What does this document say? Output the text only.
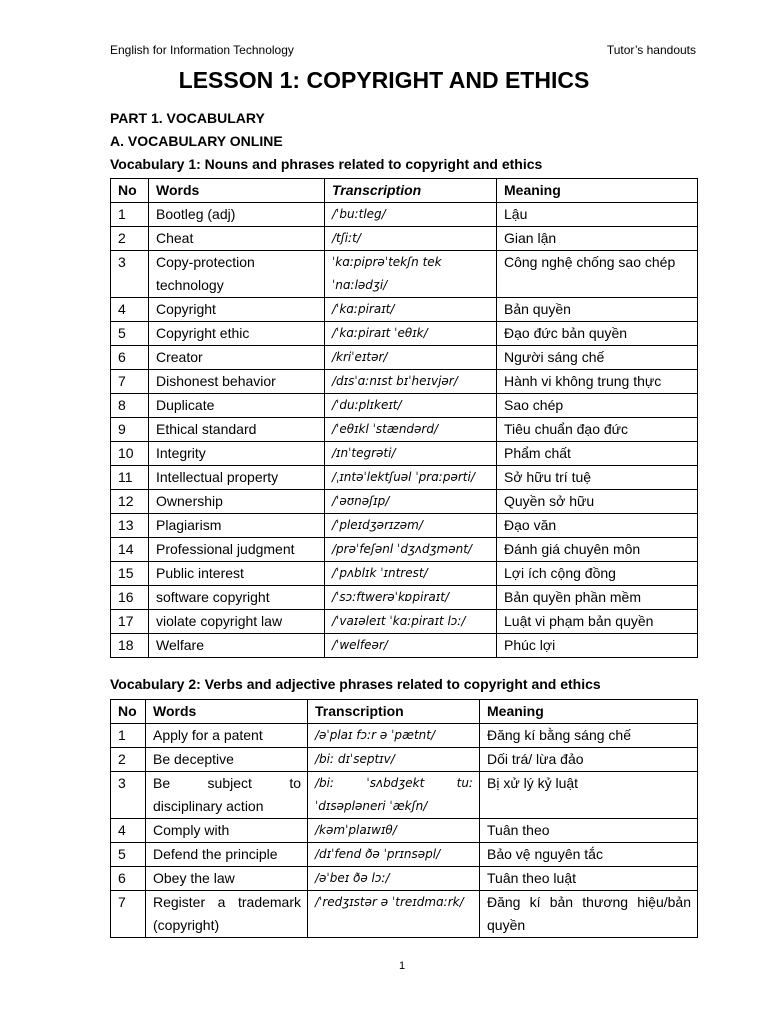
English for Information Technology	Tutor’s handouts
LESSON 1: COPYRIGHT AND ETHICS
PART 1. VOCABULARY
A. VOCABULARY ONLINE
Vocabulary 1: Nouns and phrases related to copyright and ethics
No	Words	Transcription	Meaning
1	Bootleg (adj)	/ˈbuːtleg/	Lậu
2	Cheat	/tʃiːt/	Gian lận
3	Copy-protection technology	ˈkɑːpiprəˈtekʃn tekˈnɑːlədʒi/	Công nghệ chống sao chép
4	Copyright	/ˈkɑːpiraɪt/	Bản quyền
5	Copyright ethic	/ˈkɑːpiraɪt ˈeθɪk/	Đạo đức bản quyền
6	Creator	/kriˈeɪtər/	Người sáng chế
7	Dishonest behavior	/dɪsˈɑːnɪst bɪˈheɪvjər/	Hành vi không trung thực
8	Duplicate	/ˈduːplɪkeɪt/	Sao chép
9	Ethical standard	/ˈeθɪkl ˈstændərd/	Tiêu chuẩn đạo đức
10	Integrity	/ɪnˈtegrəti/	Phẩm chất
11	Intellectual property	/ˌɪntəˈlektʃuəl ˈprɑːpərti/	Sở hữu trí tuệ
12	Ownership	/ˈəʊnəʃɪp/	Quyền sở hữu
13	Plagiarism	/ˈpleɪdʒərɪzəm/	Đạo văn
14	Professional judgment	/prəˈfeʃənl ˈdʒʌdʒmənt/	Đánh giá chuyên môn
15	Public interest	/ˈpʌblɪk ˈɪntrest/	Lợi ích cộng đồng
16	software copyright	/ˈsɔːftwerəˈkɒpiraɪt/	Bản quyền phần mềm
17	violate copyright law	/ˈvaɪəleɪt ˈkɑːpiraɪt lɔː/	Luật vi phạm bản quyền
18	Welfare	/ˈwelfeər/	Phúc lợi
Vocabulary 2: Verbs and adjective phrases related to copyright and ethics
No	Words	Transcription	Meaning
1	Apply for a patent	/əˈplaɪ fɔːr ə ˈpætnt/	Đăng kí bằng sáng chế
2	Be deceptive	/biː dɪˈseptɪv/	Dối trá/ lừa đảo
3	Be subject to disciplinary action	/biː ˈsʌbdʒekt tuː ˈdɪsəpləneri ˈækʃn/	Bị xử lý kỷ luật
4	Comply with	/kəmˈplaɪwɪθ/	Tuân theo
5	Defend the principle	/dɪˈfend ðə ˈprɪnsəpl/	Bảo vệ nguyên tắc
6	Obey the law	/əˈbeɪ ðə lɔː/	Tuân theo luật
7	Register a trademark (copyright)	/ˈredʒɪstər ə ˈtreɪdmɑːrk/	Đăng kí bản thương hiệu/bản quyền
1
